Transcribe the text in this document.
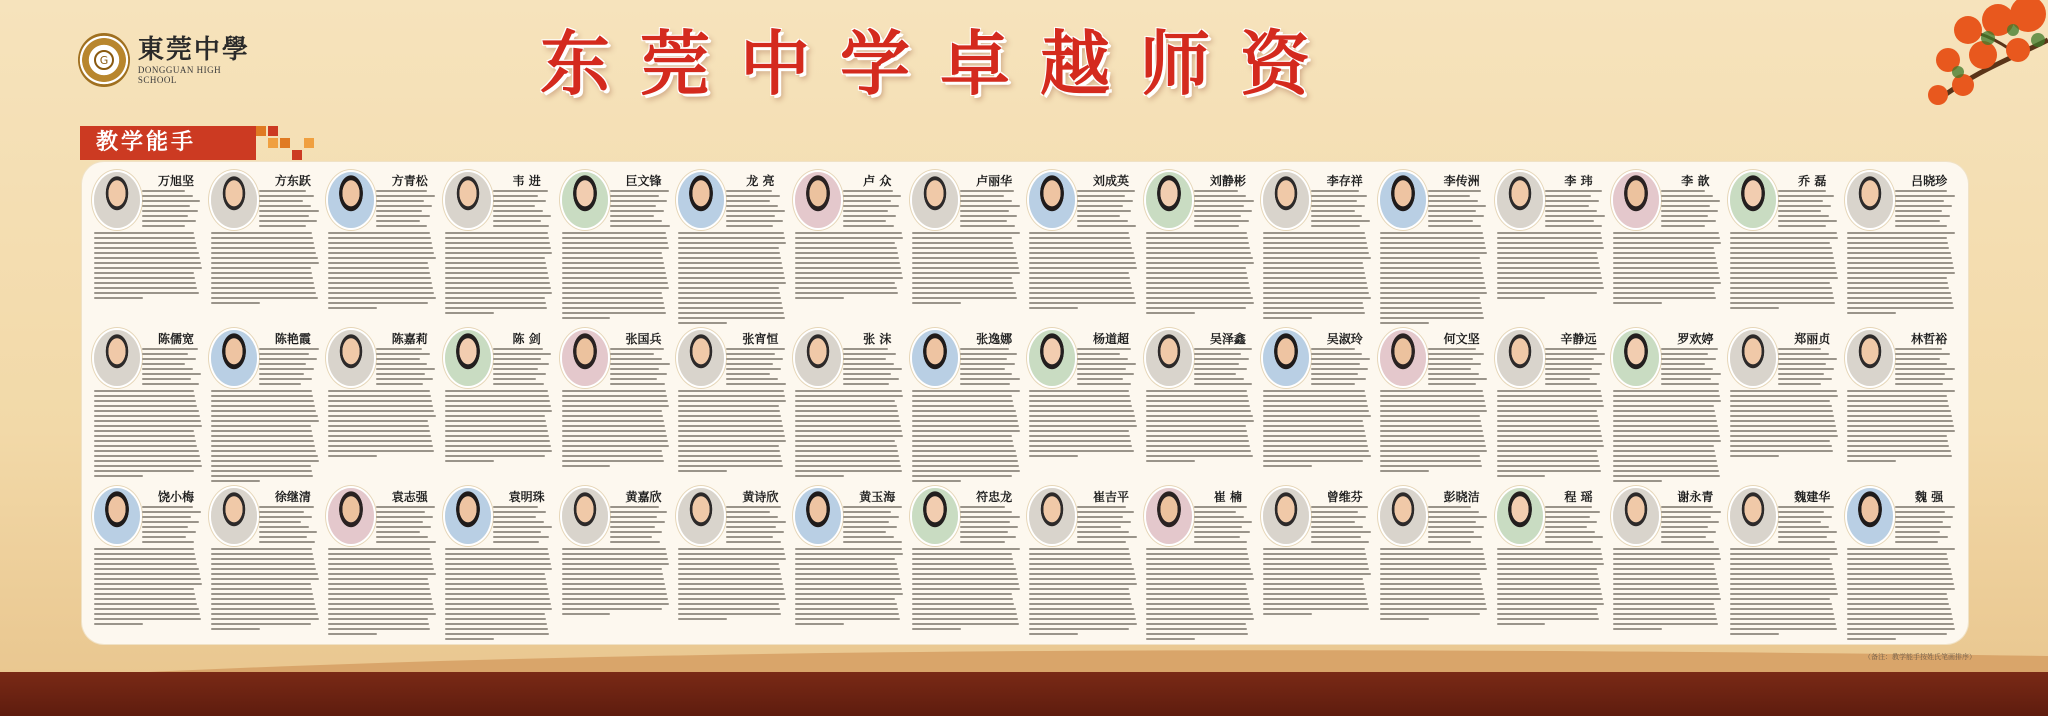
G 東莞中學
DONGGUAN HIGH SCHOOL	东莞中学卓越师资
教学能手
万旭坚	方东跃	方青松	韦 进	巨文锋	龙 亮	卢 众	卢丽华	刘成英	刘静彬	李存祥	李传洲	李 玮	李 歆	乔 磊	吕晓珍
陈儒宽	陈艳霞	陈嘉莉	陈 剑	张国兵	张宵恒	张 沫	张逸娜	杨道超	吴泽鑫	吴淑玲	何文坚	辛静远	罗欢婷	郑丽贞	林哲裕
饶小梅	徐继清	袁志强	袁明珠	黄嘉欣	黄诗欣	黄玉海	符忠龙	崔吉平	崔 楠	曾维芬	彭晓洁	程 瑶	谢永青	魏建华	魏 强
（备注：教学能手按姓氏笔画排序）
